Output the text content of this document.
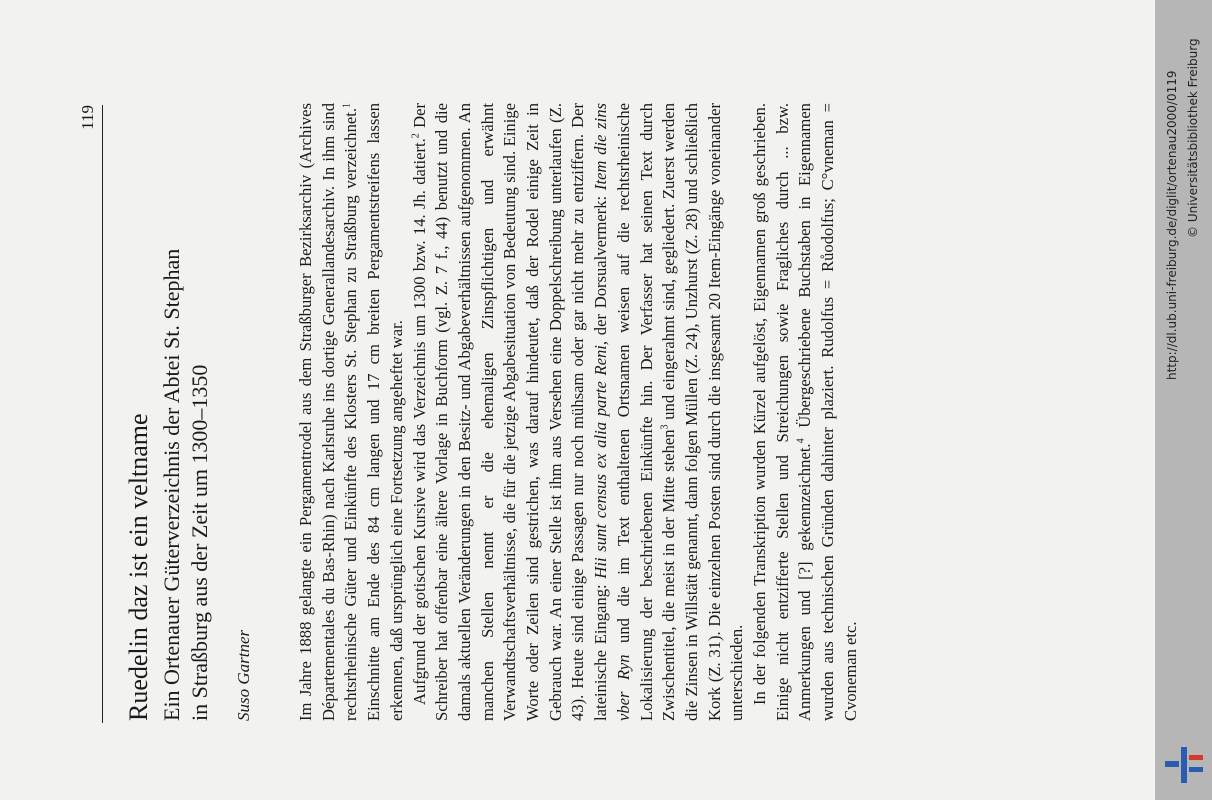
119
Ruedelin daz ist ein veltname Ein Ortenauer Güterverzeichnis der Abtei St. Stephan in Straßburg aus der Zeit um 1300–1350 Suso Gartner	Im Jahre 1888 gelangte ein Pergamentrodel aus dem Straßburger Bezirksarchiv (Archives Départementales du Bas-Rhin) nach Karlsruhe ins dortige Generallandesarchiv. In ihm sind rechtsrheinische Güter und Einkünfte des Klosters St. Stephan zu Straßburg verzeichnet.$^1$ Einschnitte am Ende des 84 cm langen und 17 cm breiten Pergamentstreifens lassen erkennen, daß ursprünglich eine Fortsetzung angeheftet war. Aufgrund der gotischen Kursive wird das Verzeichnis um 1300 bzw. 14. Jh. datiert.$^2$ Der Schreiber hat offenbar eine ältere Vorlage in Buchform (vgl. Z. 7 f., 44) benutzt und die damals aktuellen Veränderungen in den Besitz- und Abgabeverhältnissen aufgenommen. An manchen Stellen nennt er die ehemaligen Zinspflichtigen und erwähnt Verwandtschaftsverhältnisse, die für die jetzige Abgabesituation von Bedeutung sind. Einige Worte oder Zeilen sind gestrichen, was darauf hindeutet, daß der Rodel einige Zeit in Gebrauch war. An einer Stelle ist ihm aus Versehen eine Doppelschreibung unterlaufen (Z. 43). Heute sind einige Passagen nur noch mühsam oder gar nicht mehr zu entziffern. Der lateinische Eingang: Hii sunt census ex alia parte Reni, der Dorsualvermerk: Item die zins vber Ryn und die im Text enthaltenen Ortsnamen weisen auf die rechtsrheinische Lokalisierung der beschriebenen Einkünfte hin. Der Verfasser hat seinen Text durch Zwischentitel, die meist in der Mitte stehen$^3$ und eingerahmt sind, gegliedert. Zuerst werden die Zinsen in Willstätt genannt, dann folgen Müllen (Z. 24), Unzhurst (Z. 28) und schließlich Kork (Z. 31). Die einzelnen Posten sind durch die insgesamt 20 Item-Eingänge voneinander unterschieden. In der folgenden Transkription wurden Kürzel aufgelöst, Eigennamen groß geschrieben. Einige nicht entzifferte Stellen und Streichungen sowie Fragliches durch ... bzw. Anmerkungen und [?] gekennzeichnet.$^4$ Übergeschriebene Buchstaben in Eigennamen wurden aus technischen Gründen dahinter plaziert. Rudolfus = Růodolfus; C°vneman = Cvoneman etc.

http://dl.ub.uni-freiburg.de/diglit/ortenau2000/0119 © Universitätsbibliothek Freiburg
